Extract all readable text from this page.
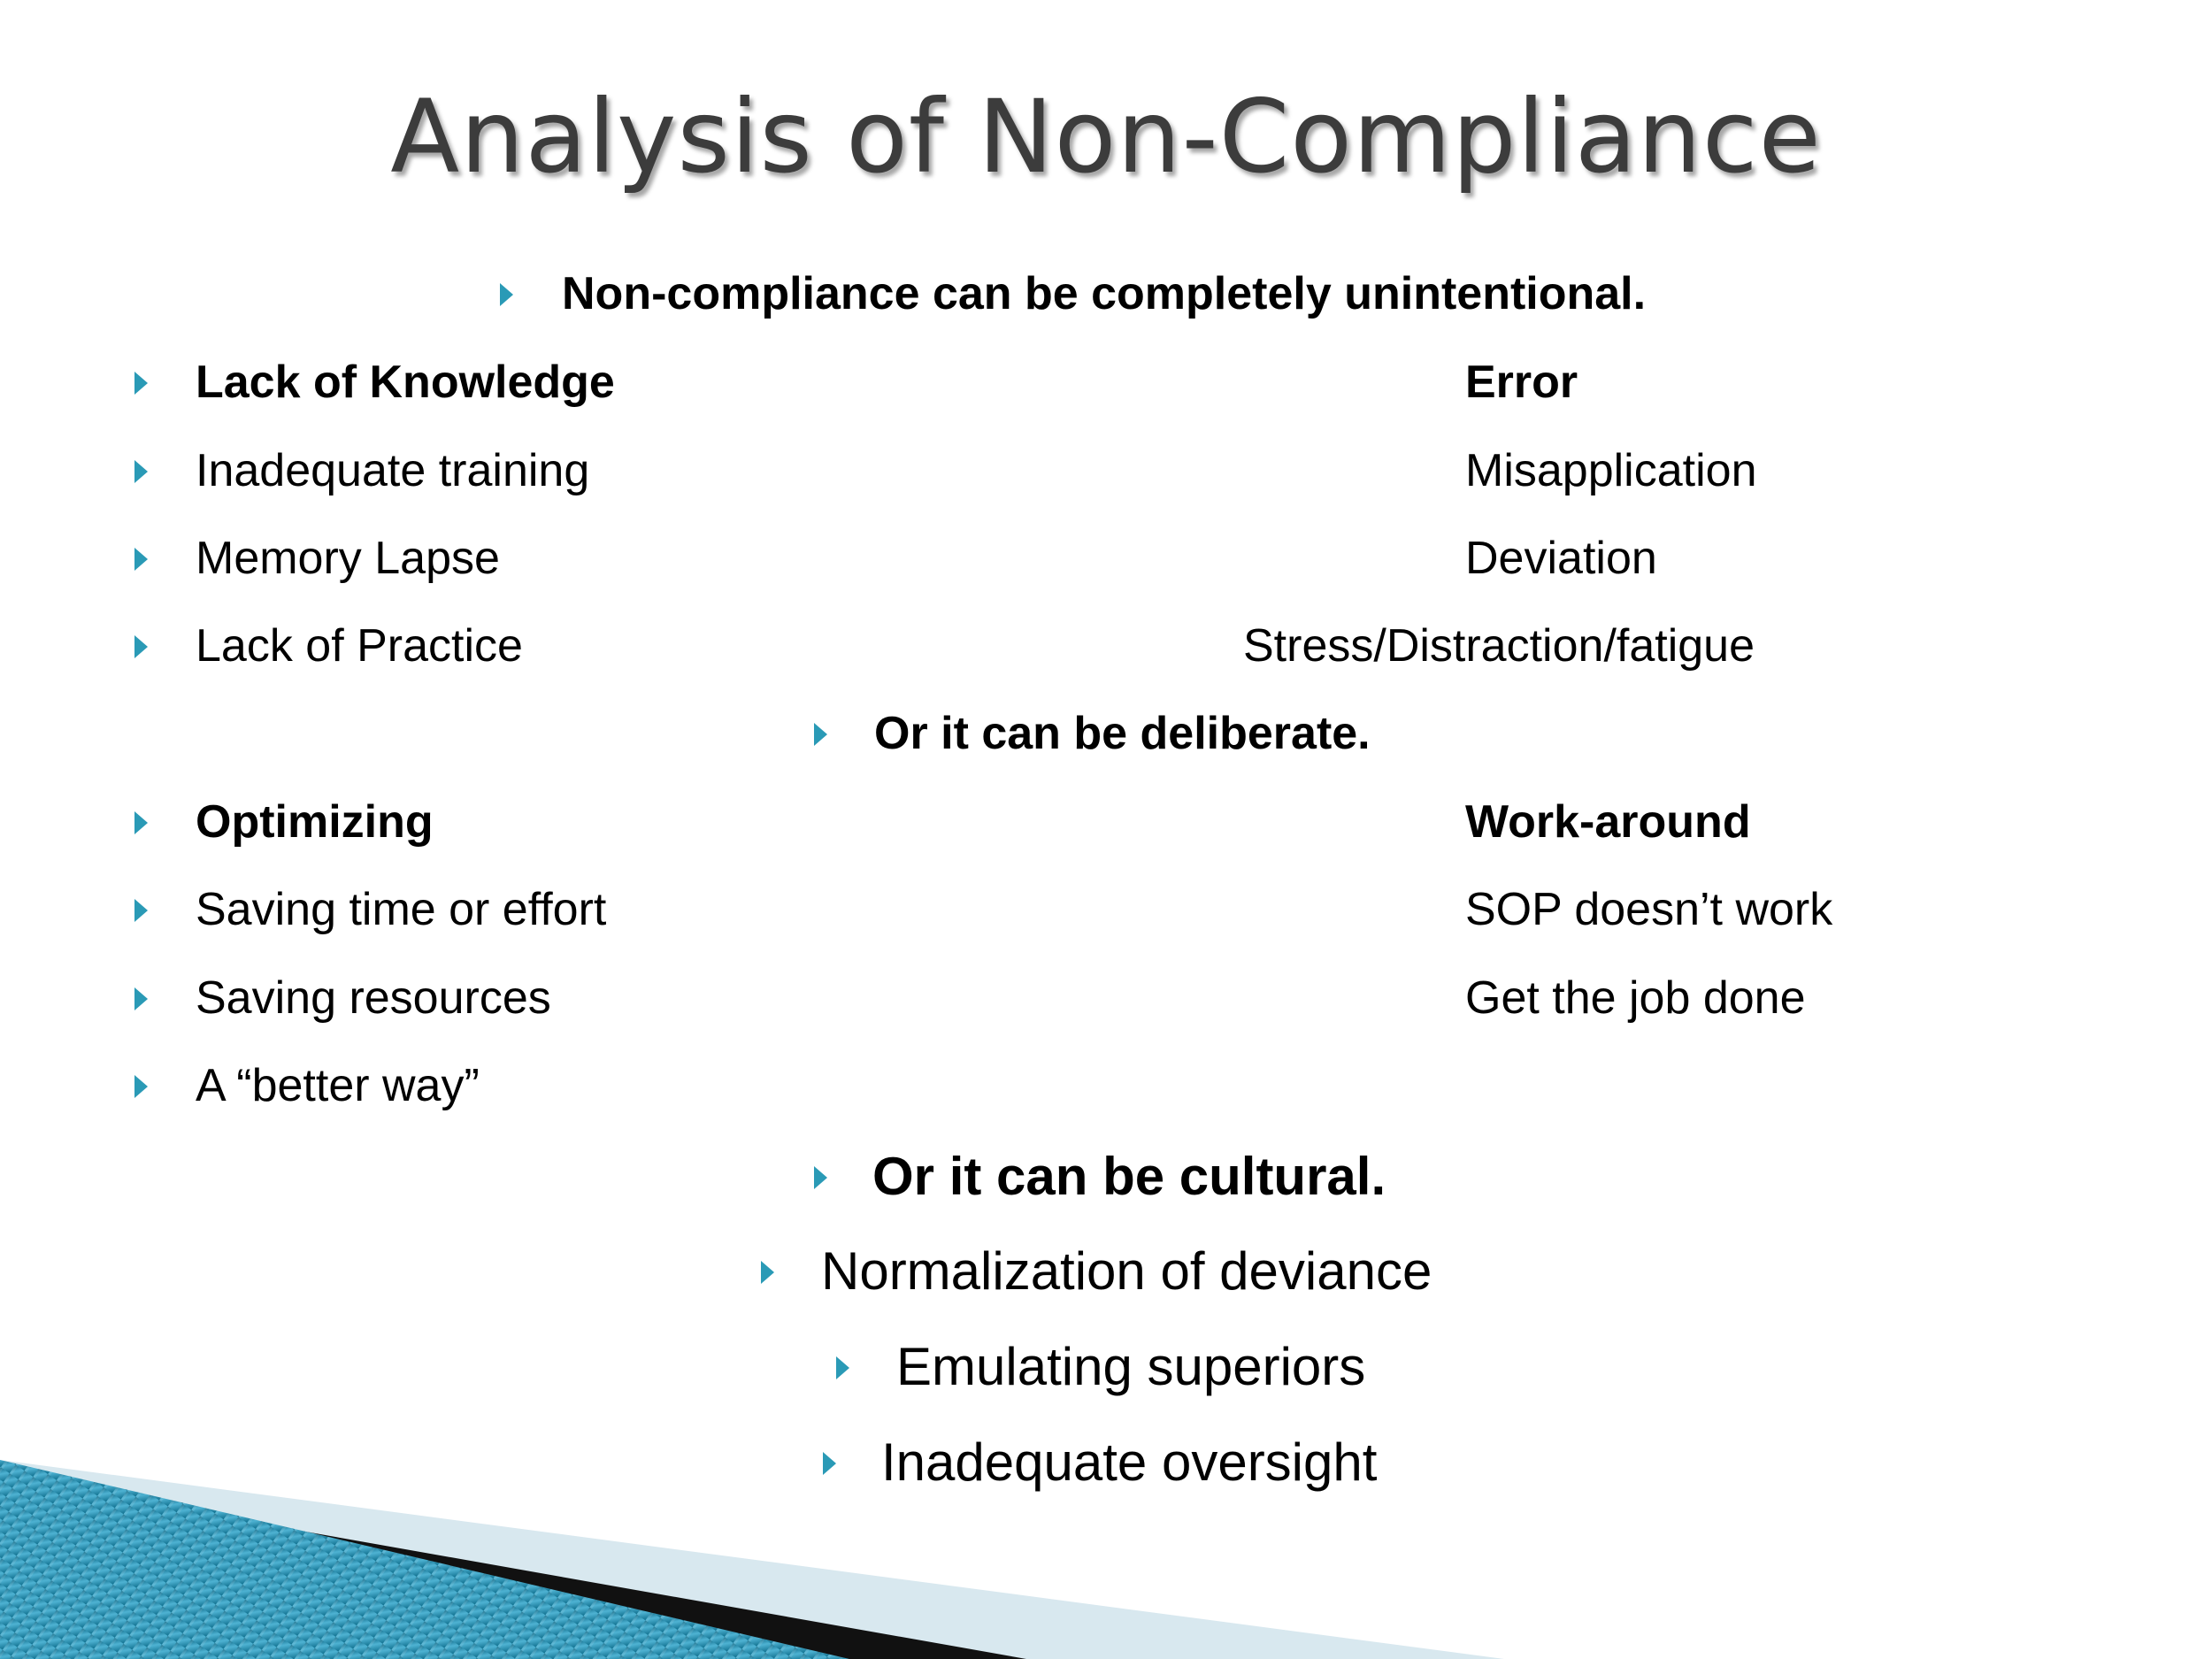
Analysis of Non-Compliance
Non-compliance can be completely unintentional.
Lack of Knowledge	Error
Inadequate training	Misapplication
Memory Lapse	Deviation
Lack of Practice	Stress/Distraction/fatigue
Or it can be deliberate.
Optimizing	Work-around
Saving time or effort	SOP doesn’t work
Saving resources	Get the job done
A “better way”
Or it can be cultural.
Normalization of deviance
Emulating superiors
Inadequate oversight
